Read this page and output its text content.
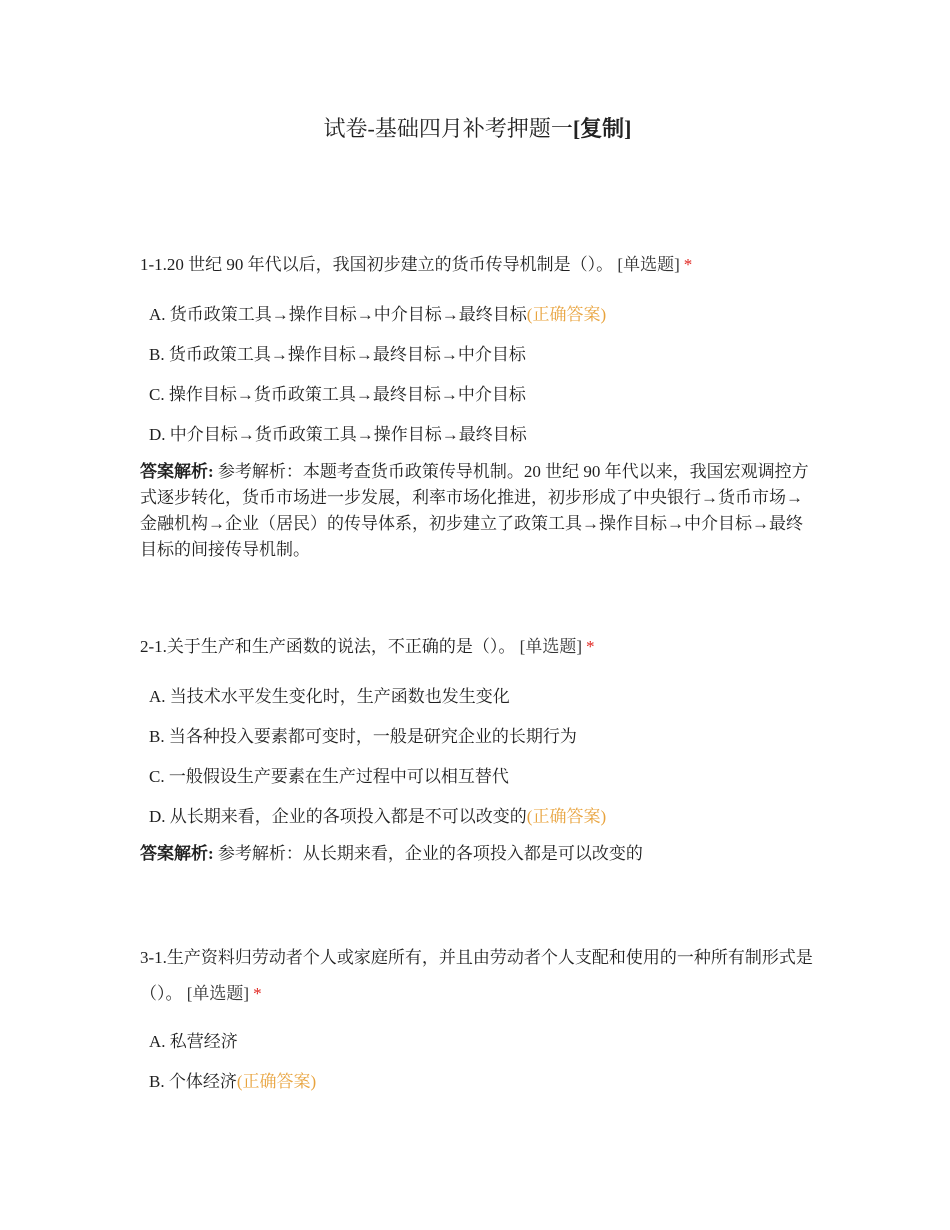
试卷-基础四月补考押题一[复制]
1-1.20 世纪 90 年代以后，我国初步建立的货币传导机制是（）。 [单选题] *
A. 货币政策工具→操作目标→中介目标→最终目标(正确答案)
B. 货币政策工具→操作目标→最终目标→中介目标
C. 操作目标→货币政策工具→最终目标→中介目标
D. 中介目标→货币政策工具→操作目标→最终目标
答案解析: 参考解析：本题考查货币政策传导机制。20 世纪 90 年代以来，我国宏观调控方式逐步转化，货币市场进一步发展，利率市场化推进，初步形成了中央银行→货币市场→金融机构→企业（居民）的传导体系，初步建立了政策工具→操作目标→中介目标→最终目标的间接传导机制。
2-1.关于生产和生产函数的说法，不正确的是（）。 [单选题] *
A. 当技术水平发生变化时，生产函数也发生变化
B. 当各种投入要素都可变时，一般是研究企业的长期行为
C. 一般假设生产要素在生产过程中可以相互替代
D. 从长期来看，企业的各项投入都是不可以改变的(正确答案)
答案解析: 参考解析：从长期来看，企业的各项投入都是可以改变的
3-1.生产资料归劳动者个人或家庭所有，并且由劳动者个人支配和使用的一种所有制形式是（）。 [单选题] *
A. 私营经济
B. 个体经济(正确答案)
